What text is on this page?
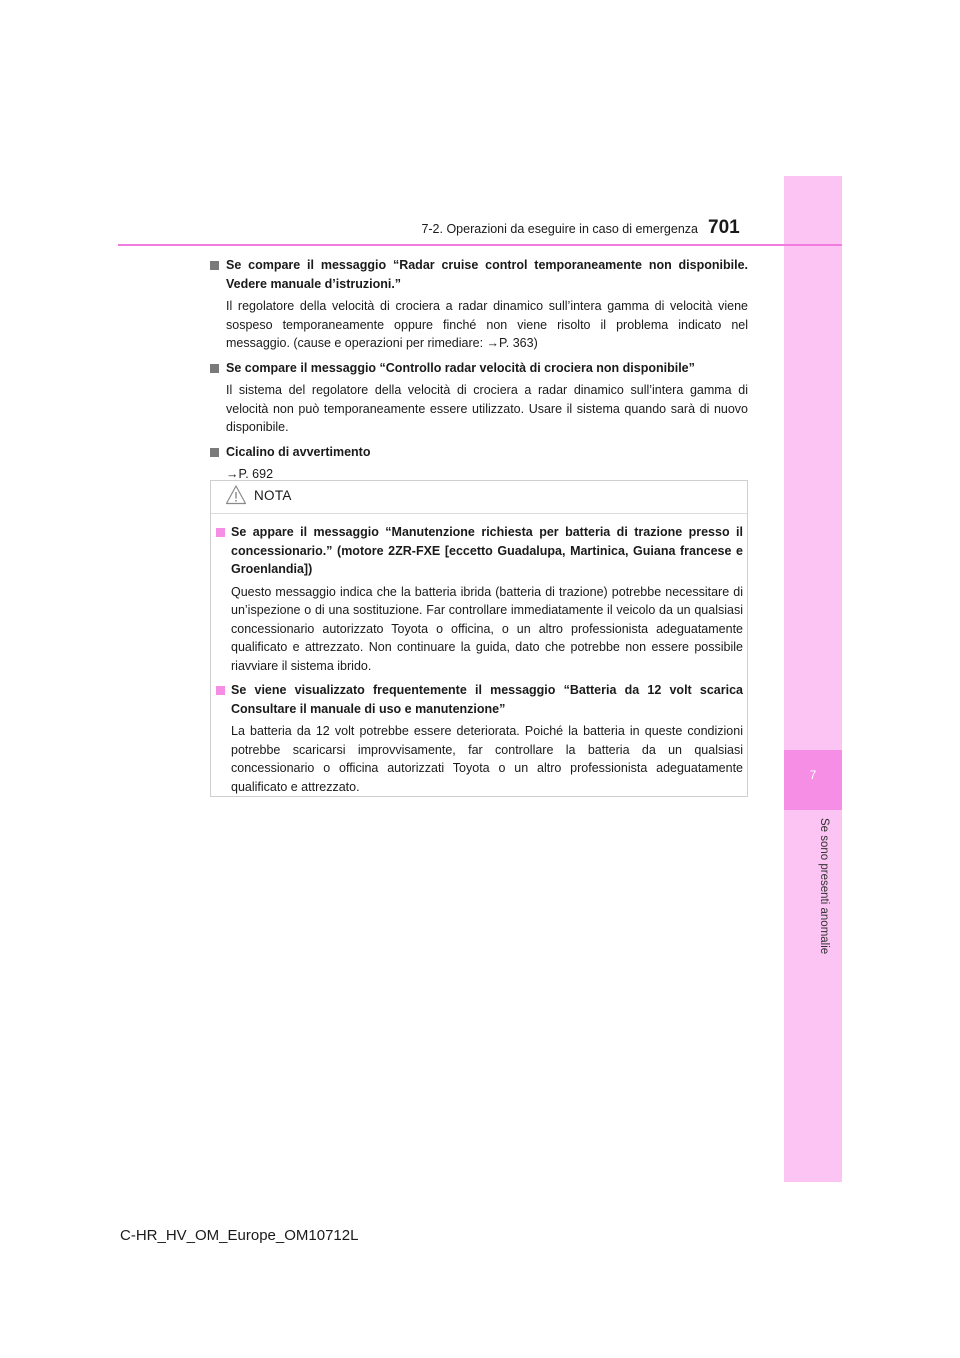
7
Se sono presenti anomalie
7-2. Operazioni da eseguire in caso di emergenza 701
Se compare il messaggio “Radar cruise control temporaneamente non disponibile. Vedere manuale d’istruzioni.”
Il regolatore della velocità di crociera a radar dinamico sull’intera gamma di velocità viene sospeso temporaneamente oppure finché non viene risolto il problema indicato nel messaggio. (cause e operazioni per rimediare: →P. 363)
Se compare il messaggio “Controllo radar velocità di crociera non disponibile”
Il sistema del regolatore della velocità di crociera a radar dinamico sull’intera gamma di velocità non può temporaneamente essere utilizzato. Usare il sistema quando sarà di nuovo disponibile.
Cicalino di avvertimento
→P. 692
NOTA
Se appare il messaggio “Manutenzione richiesta per batteria di trazione presso il concessionario.” (motore 2ZR-FXE [eccetto Guadalupa, Martinica, Guiana francese e Groenlandia])
Questo messaggio indica che la batteria ibrida (batteria di trazione) potrebbe necessitare di un’ispezione o di una sostituzione. Far controllare immediatamente il veicolo da un qualsiasi concessionario autorizzato Toyota o officina, o un altro professionista adeguatamente qualificato e attrezzato. Non continuare la guida, dato che potrebbe non essere possibile riavviare il sistema ibrido.
Se viene visualizzato frequentemente il messaggio “Batteria da 12 volt scarica Consultare il manuale di uso e manutenzione”
La batteria da 12 volt potrebbe essere deteriorata. Poiché la batteria in queste condizioni potrebbe scaricarsi improvvisamente, far controllare la batteria da un qualsiasi concessionario o officina autorizzati Toyota o un altro professionista adeguatamente qualificato e attrezzato.
C-HR_HV_OM_Europe_OM10712L
